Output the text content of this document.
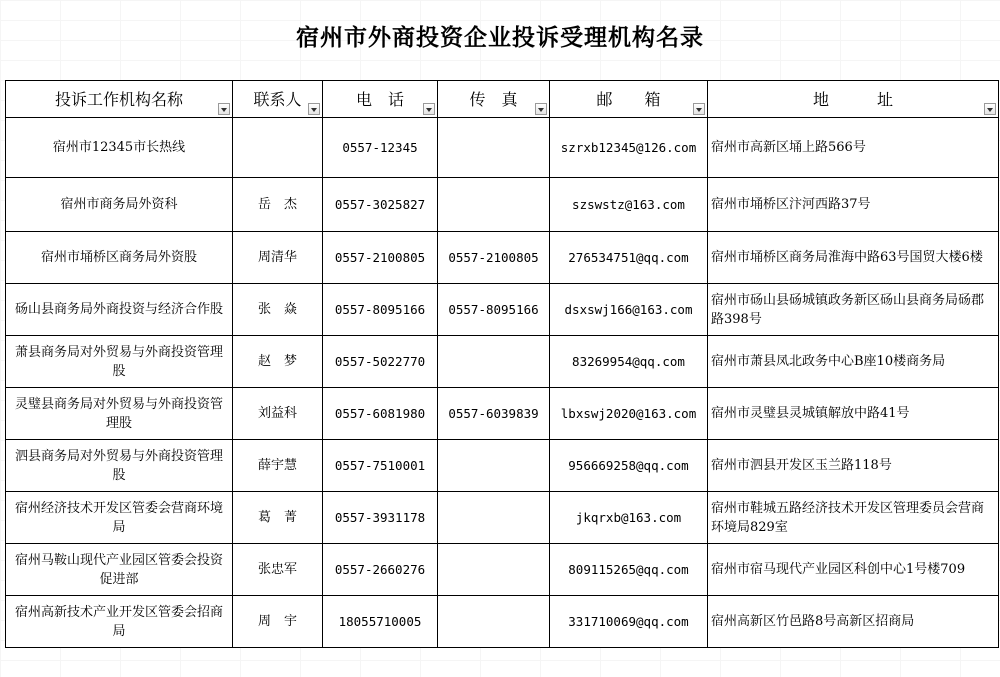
宿州市外商投资企业投诉受理机构名录
投诉工作机构名称	联系人	电　话	传　真	邮　　箱	地　　　址

宿州市12345市长热线		0557-12345		szrxb12345@126.com	宿州市高新区埇上路566号
宿州市商务局外资科	岳　杰	0557-3025827		szswstz@163.com	宿州市埇桥区汴河西路37号
宿州市埇桥区商务局外资股	周清华	0557-2100805	0557-2100805	276534751@qq.com	宿州市埇桥区商务局淮海中路63号国贸大楼6楼
砀山县商务局外商投资与经济合作股	张　焱	0557-8095166	0557-8095166	dsxswj166@163.com	宿州市砀山县砀城镇政务新区砀山县商务局砀郡路398号
萧县商务局对外贸易与外商投资管理股	赵　梦	0557-5022770		83269954@qq.com	宿州市萧县凤北政务中心B座10楼商务局
灵璧县商务局对外贸易与外商投资管理股	刘益科	0557-6081980	0557-6039839	lbxswj2020@163.com	宿州市灵璧县灵城镇解放中路41号
泗县商务局对外贸易与外商投资管理股	薛宇慧	0557-7510001		956669258@qq.com	宿州市泗县开发区玉兰路118号
宿州经济技术开发区管委会营商环境局	葛　菁	0557-3931178		jkqrxb@163.com	宿州市鞋城五路经济技术开发区管理委员会营商环境局829室
宿州马鞍山现代产业园区管委会投资促进部	张忠军	0557-2660276		809115265@qq.com	宿州市宿马现代产业园区科创中心1号楼709
宿州高新技术产业开发区管委会招商局	周　宇	18055710005		331710069@qq.com	宿州高新区竹邑路8号高新区招商局
